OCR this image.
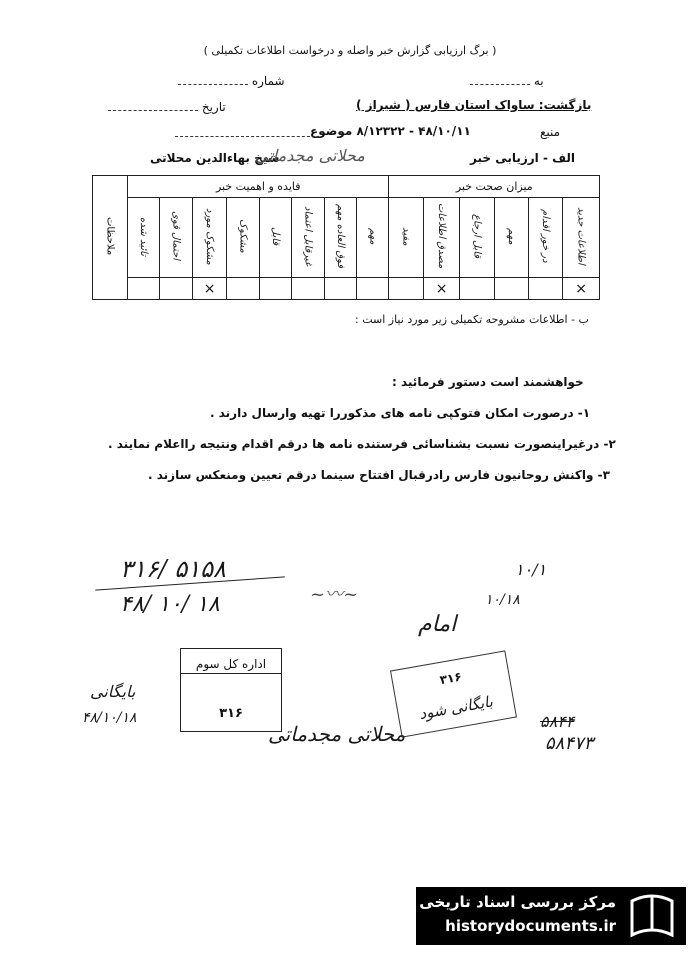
( برگ ارزیابی گزارش خبر واصله و درخواست اطلاعات تکمیلی )
به
شماره
تاریخ	بازگشت: ساواک استان فارس ( شیراز )
منبع
۴۸/۱۰/۱۱ - ۸/۱۲۳۲۲ موضوع
الف - ارزیابی خبر
شیخ بهاءالدین محلاتی
محلاتی مجدماتی
ملاحظات	فایده و اهمیت خبر								میزان صحت خبر					
	تائید شده	احتمال قوی	مشکوک مورد	مشکوک	قابل	غیرقابل اعتماد	فوق العاده مهم	مهم	مفید	مصدق اطلاعات	قابل ارجاع	مهم	در خور اقدام	اطلاعات جدید
			×							×				×
ب - اطلاعات مشروحه تکمیلی زیر مورد نیاز است :
خواهشمند است دستور فرمائید :
۱- درصورت امکان فتوکپی نامه های مذکوررا تهیه وارسال دارند .
۲- درغیراینصورت نسبت بشناسائی فرستنده نامه ها درقم اقدام ونتیجه رااعلام نمایند .
۳- واکنش روحانیون فارس رادرقبال افتتاح سینما درقم تعیین ومنعکس سازند .
۳۱۶/ ۵۱۵۸
۴۸/ ۱۰/ ۱۸
۱۰/۱
۱۰/۱۸
~〰~
امام
بایگانی
۴۸/۱۰/۱۸
محلاتی مجدماتی
۵۸۴۴
۵۸۴۷۳
اداره کل سوم
۳۱۶
۳۱۶
بایگانی شود
مرکز بررسی اسناد تاریخی
historydocuments.ir
